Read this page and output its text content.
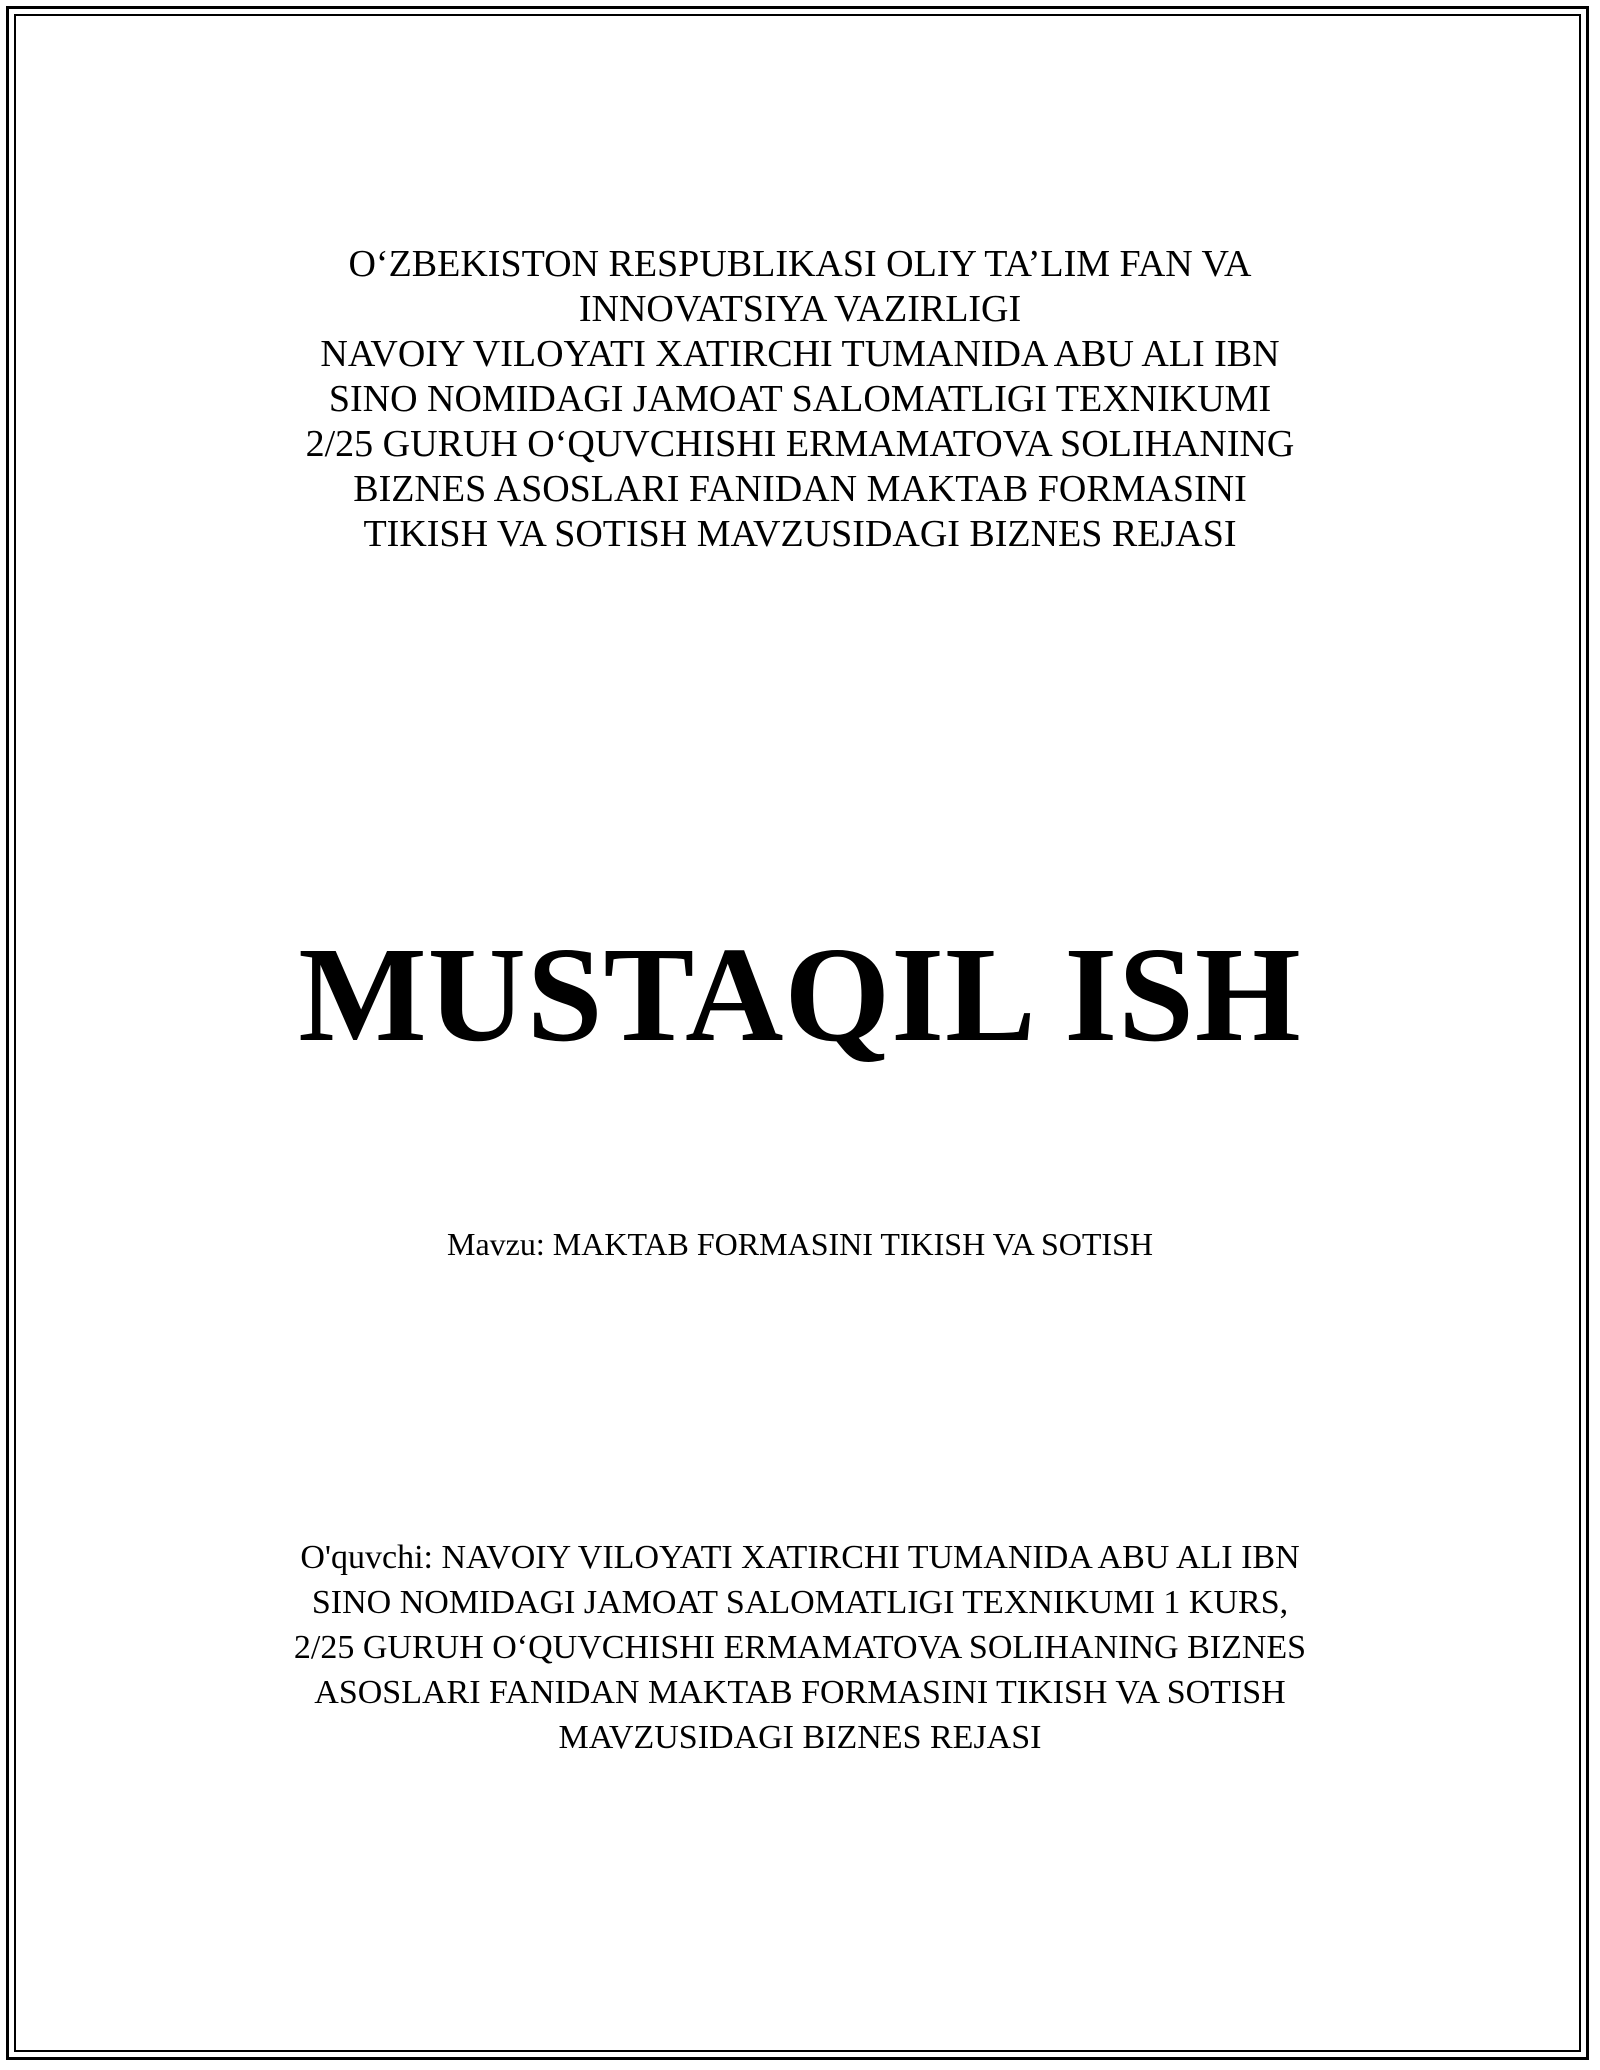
O‘ZBEKISTON RESPUBLIKASI OLIY TA’LIM FAN VA
INNOVATSIYA VAZIRLIGI
NAVOIY VILOYATI XATIRCHI TUMANIDA ABU ALI IBN
SINO NOMIDAGI JAMOAT SALOMATLIGI TEXNIKUMI
2/25 GURUH O‘QUVCHISHI ERMAMATOVA SOLIHANING
BIZNES ASOSLARI FANIDAN MAKTAB FORMASINI
TIKISH VA SOTISH MAVZUSIDAGI BIZNES REJASI
MUSTAQIL ISH
Mavzu: MAKTAB FORMASINI TIKISH VA SOTISH
O'quvchi: NAVOIY VILOYATI XATIRCHI TUMANIDA ABU ALI IBN
SINO NOMIDAGI JAMOAT SALOMATLIGI TEXNIKUMI 1 KURS,
2/25 GURUH O‘QUVCHISHI ERMAMATOVA SOLIHANING BIZNES
ASOSLARI FANIDAN MAKTAB FORMASINI TIKISH VA SOTISH
MAVZUSIDAGI BIZNES REJASI
